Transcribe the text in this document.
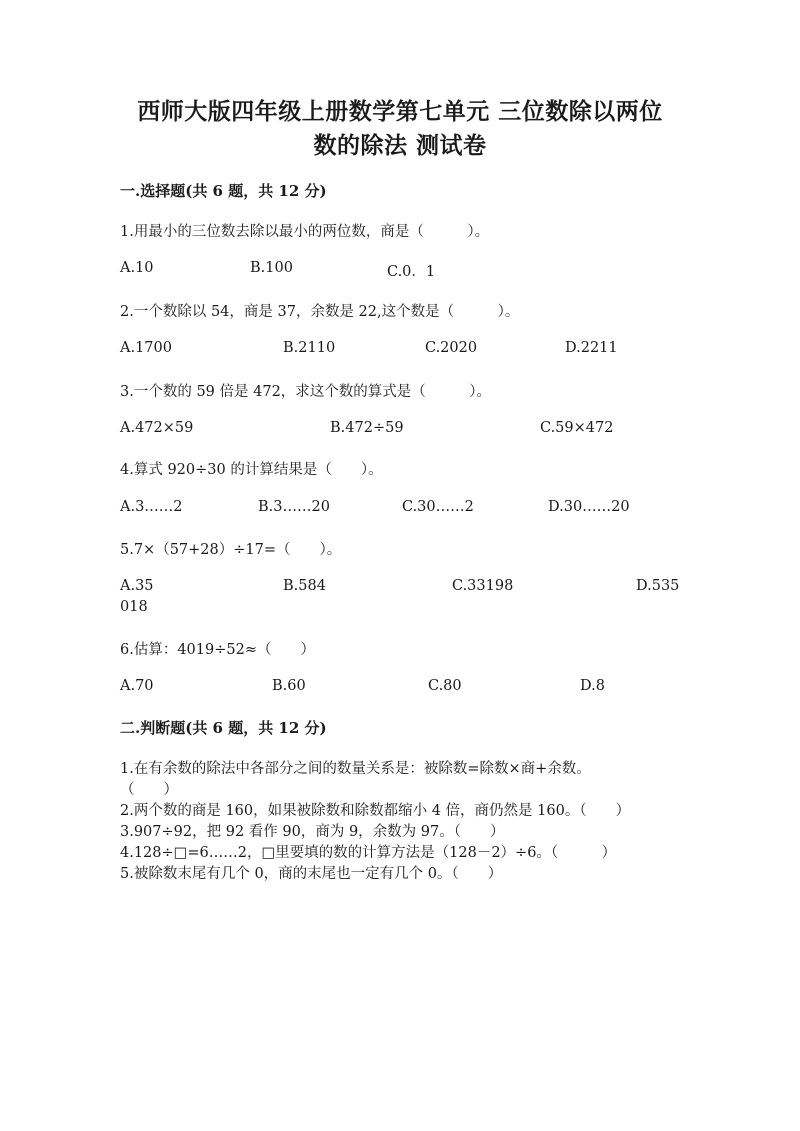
西师大版四年级上册数学第七单元 三位数除以两位
数的除法 测试卷
一.选择题(共 6 题，共 12 分)
1.用最小的三位数去除以最小的两位数，商是（　　　）。
A.10	B.100	C.0．1
2.一个数除以 54，商是 37，余数是 22,这个数是（　　　）。
A.1700	B.2110	C.2020	D.2211
3.一个数的 59 倍是 472，求这个数的算式是（　　　）。
A.472×59	B.472÷59	C.59×472
4.算式 920÷30 的计算结果是（　　）。
A.3……2	B.3……20	C.30……2	D.30……20
5.7×（57+28）÷17=（　　）。
A.35	B.584	C.33198	D.535
018
6.估算：4019÷52≈（　　）
A.70	B.60	C.80	D.8
二.判断题(共 6 题，共 12 分)
1.在有余数的除法中各部分之间的数量关系是：被除数=除数×商+余数。
（　　）
2.两个数的商是 160，如果被除数和除数都缩小 4 倍，商仍然是 160。（　　）
3.907÷92，把 92 看作 90，商为 9，余数为 97。（　　）
4.128÷□=6……2，□里要填的数的计算方法是（128－2）÷6。（　　　）
5.被除数末尾有几个 0，商的末尾也一定有几个 0。（　　）
